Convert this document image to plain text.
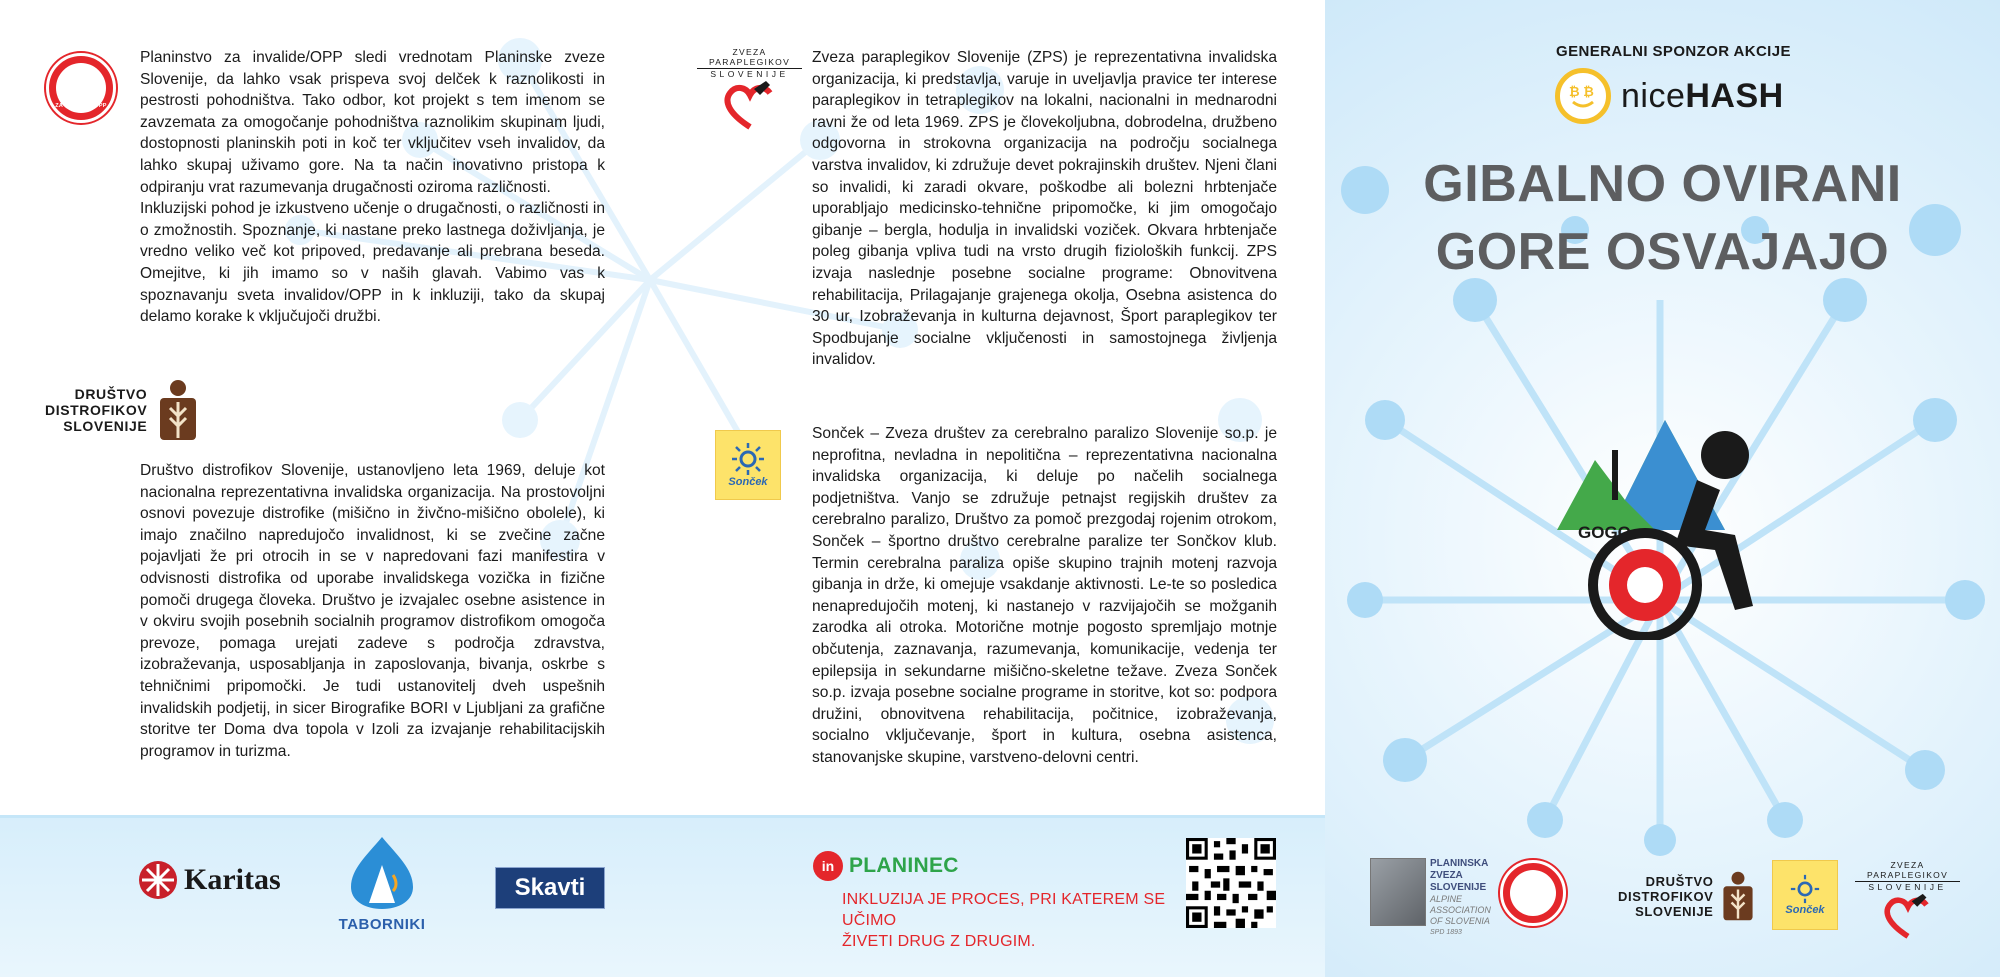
ZA INVALIDE/OPP

Planinstvo za invalide/OPP sledi vrednotam Planinske zveze Slovenije, da lahko vsak prispeva svoj delček k raznolikosti in pestrosti pohodništva. Tako odbor, kot projekt s tem imenom se zavzemata za omogočanje pohodništva raznolikim skupinam ljudi, dostopnosti planinskih poti in koč ter vključitev vseh invalidov, da lahko skupaj uživamo gore. Na ta način inovativno pristopa k odpiranju vrat razumevanja drugačnosti oziroma različnosti.

Inkluzijski pohod je izkustveno učenje o drugačnosti, o različnosti in o zmožnostih. Spoznanje, ki nastane preko lastnega doživljanja, je vredno veliko več kot pripoved, predavanje ali prebrana beseda. Omejitve, ki jih imamo so v naših glavah. Vabimo vas k spoznavanju sveta invalidov/OPP in k inkluziji, tako da skupaj delamo korake k vključujoči družbi.

DRUŠTVO
DISTROFIKOV
SLOVENIJE
Društvo distrofikov Slovenije, ustanovljeno leta 1969, deluje kot nacionalna reprezentativna invalidska organizacija. Na prostovoljni osnovi povezuje distrofike (mišično in živčno-mišično obolele), ki imajo značilno napredujočo invalidnost, ki se zvečine začne pojavljati že pri otrocih in se v napredovani fazi manifestira v odvisnosti distrofika od uporabe invalidskega vozička in fizične pomoči drugega človeka. Društvo je izvajalec osebne asistence in v okviru svojih posebnih socialnih programov distrofikom omogoča prevoze, pomaga urejati zadeve s področja zdravstva, izobraževanja, usposabljanja in zaposlovanja, bivanja, oskrbe s tehničnimi pripomočki. Je tudi ustanovitelj dveh uspešnih invalidskih podjetij, in sicer Birografike BORI v Ljubljani za grafične storitve ter Doma dva topola v Izoli za izvajanje rehabilitacijskih programov in turizma.
ZVEZA PARAPLEGIKOV
SLOVENIJE
Zveza paraplegikov Slovenije (ZPS) je reprezentativna invalidska organizacija, ki predstavlja, varuje in uveljavlja pravice ter interese paraplegikov in tetraplegikov na lokalni, nacionalni in mednarodni ravni že od leta 1969. ZPS je človekoljubna, dobrodelna, družbeno odgovorna in strokovna organizacija na področju socialnega varstva invalidov, ki združuje devet pokrajinskih društev. Njeni člani so invalidi, ki zaradi okvare, poškodbe ali bolezni hrbtenjače uporabljajo medicinsko-tehnične pripomočke, ki jim omogočajo gibanje – bergla, hodulja in invalidski voziček. Okvara hrbtenjače poleg gibanja vpliva tudi na vrsto drugih fizioloških funkcij. ZPS izvaja naslednje posebne socialne programe: Obnovitvena rehabilitacija, Prilagajanje grajenega okolja, Osebna asistenca do 30 ur, Izobraževanja in kulturna dejavnost, Šport paraplegikov ter Spodbujanje socialne vključenosti in samostojnega življenja invalidov.
Sonček
Sonček – Zveza društev za cerebralno paralizo Slovenije so.p. je neprofitna, nevladna in nepolitična – reprezentativna nacionalna invalidska organizacija, ki deluje po načelih socialnega podjetništva. Vanjo se združuje petnajst regijskih društev za cerebralno paralizo, Društvo za pomoč prezgodaj rojenim otrokom, Sonček – športno društvo cerebralne paralize ter Sončkov klub. Termin cerebralna paraliza opiše skupino trajnih motenj razvoja gibanja in drže, ki omejuje vsakdanje aktivnosti. Le-te so posledica nenapredujočih motenj, ki nastanejo v razvijajočih se možganih zarodka ali otroka. Motorične motnje pogosto spremljajo motnje občutenja, zaznavanja, razumevanja, komunikacije, vedenja ter epilepsija in sekundarne mišično-skeletne težave. Zveza Sonček so.p. izvaja posebne socialne programe in storitve, kot so: podpora družini, obnovitvena rehabilitacija, počitnice, izobraževanja, socialno vključevanje, šport in kultura, osebna asistenca, stanovanjske skupine, varstveno-delovni centri.
Karitas
TABORNIKI
Skavti
in PLANINEC
INKLUZIJA JE PROCES, PRI KATEREM SE UČIMO
ŽIVETI DRUG Z DRUGIM.
GENERALNI SPONZOR AKCIJE
₿ ₿ niceHASH
GIBALNO OVIRANI
GORE OSVAJAJO
GOGO
PLANINSKA
ZVEZA
SLOVENIJE
ALPINE
ASSOCIATION
OF SLOVENIA
SPD 1893
DRUŠTVO
DISTROFIKOV
SLOVENIJE	Sonček
ZVEZA PARAPLEGIKOV
SLOVENIJE
